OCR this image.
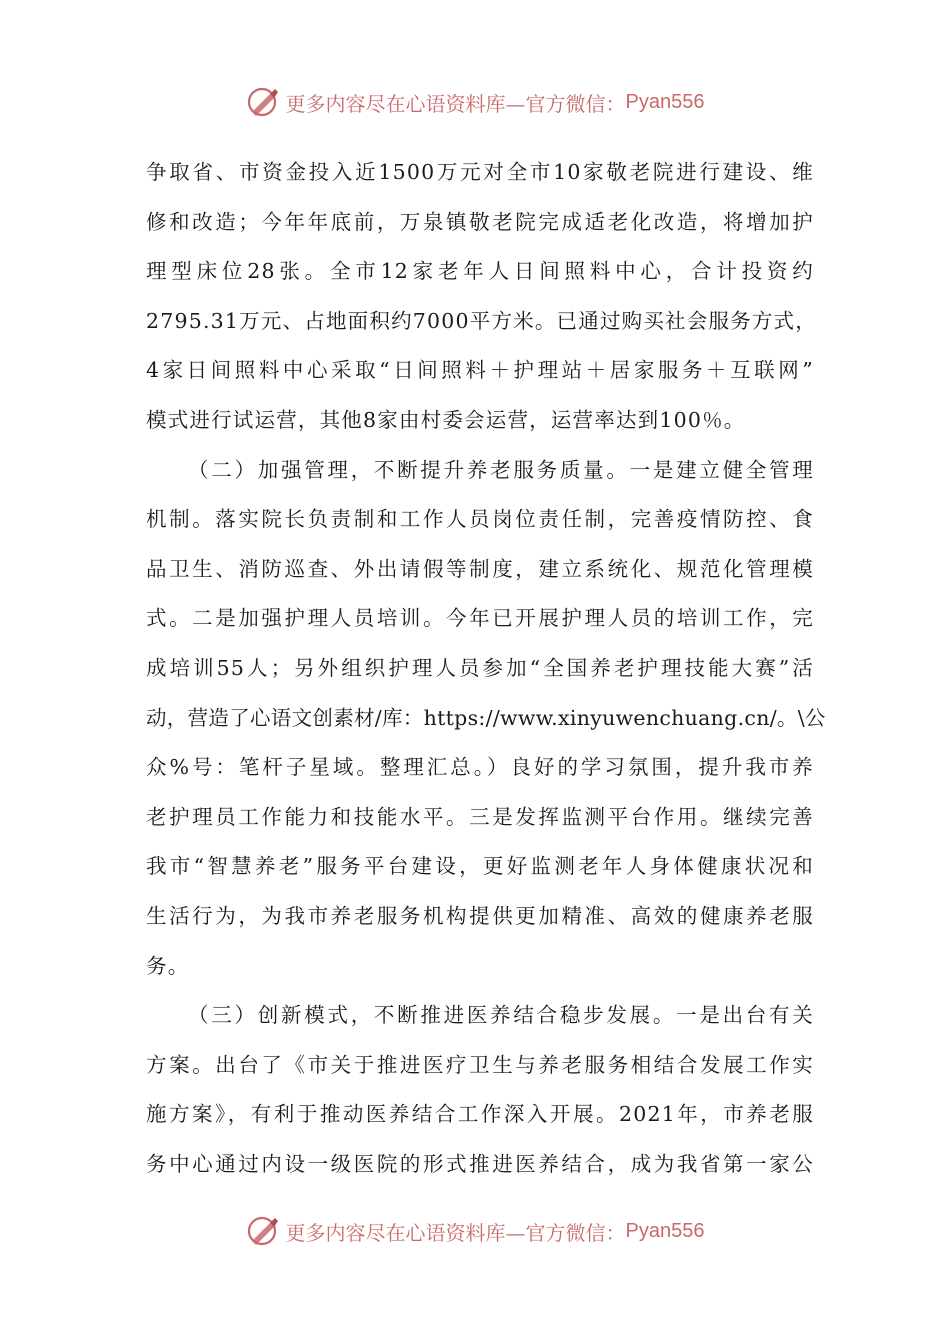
更多内容尽在心语资料库—官方微信： Pyan556
争取省、市资金投入近1500万元对全市10家敬老院进行建设、维
修和改造；今年年底前，万泉镇敬老院完成适老化改造，将增加护
理型床位28张。全市12家老年人日间照料中心，合计投资约
2795.31万元、占地面积约7000平方米。已通过购买社会服务方式，
4家日间照料中心采取“日间照料＋护理站＋居家服务＋互联网”
模式进行试运营，其他8家由村委会运营，运营率达到100％。
（二）加强管理，不断提升养老服务质量。一是建立健全管理
机制。落实院长负责制和工作人员岗位责任制，完善疫情防控、食
品卫生、消防巡查、外出请假等制度，建立系统化、规范化管理模
式。二是加强护理人员培训。今年已开展护理人员的培训工作，完
成培训55人；另外组织护理人员参加“全国养老护理技能大赛”活
动，营造了心语文创素材/库：https://www.xinyuwenchuang.cn/。\公
众%号：笔杆子星域。整理汇总。）良好的学习氛围，提升我市养
老护理员工作能力和技能水平。三是发挥监测平台作用。继续完善
我市“智慧养老”服务平台建设，更好监测老年人身体健康状况和
生活行为，为我市养老服务机构提供更加精准、高效的健康养老服
务。
（三）创新模式，不断推进医养结合稳步发展。一是出台有关
方案。出台了《市关于推进医疗卫生与养老服务相结合发展工作实
施方案》，有利于推动医养结合工作深入开展。2021年，市养老服
务中心通过内设一级医院的形式推进医养结合，成为我省第一家公
更多内容尽在心语资料库—官方微信： Pyan556
